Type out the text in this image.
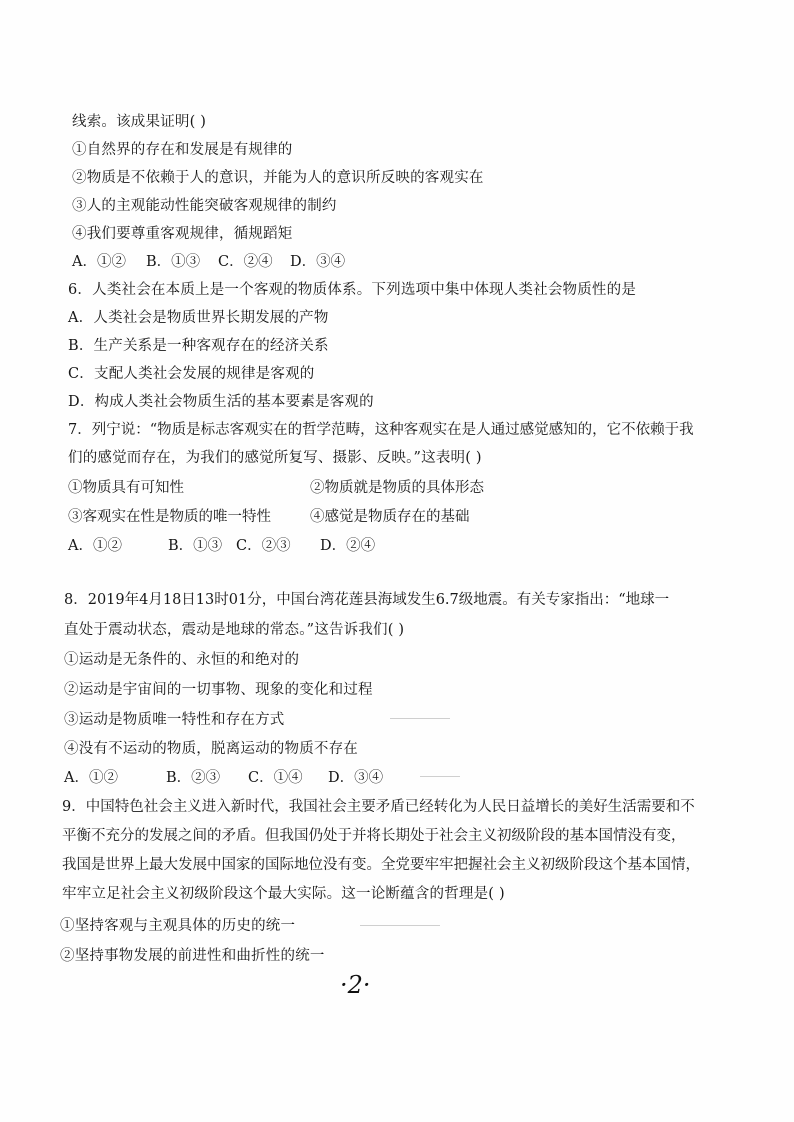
线索。该成果证明( )
①自然界的存在和发展是有规律的
②物质是不依赖于人的意识，并能为人的意识所反映的客观实在
③人的主观能动性能突破客观规律的制约
④我们要尊重客观规律，循规蹈矩
A．①② B．①③ C．②④ D．③④
6．人类社会在本质上是一个客观的物质体系。下列选项中集中体现人类社会物质性的是
A．人类社会是物质世界长期发展的产物
B．生产关系是一种客观存在的经济关系
C．支配人类社会发展的规律是客观的
D．构成人类社会物质生活的基本要素是客观的
7．列宁说：“物质是标志客观实在的哲学范畴，这种客观实在是人通过感觉感知的，它不依赖于我
们的感觉而存在，为我们的感觉所复写、摄影、反映。”这表明( )
①物质具有可知性	②物质就是物质的具体形态
③客观实在性是物质的唯一特性	④感觉是物质存在的基础
A．①②	B．①③ C．②③ D．②④
8．2019年4月18日13时01分，中国台湾花莲县海域发生6.7级地震。有关专家指出：“地球一
直处于震动状态，震动是地球的常态。”这告诉我们( )
①运动是无条件的、永恒的和绝对的
②运动是宇宙间的一切事物、现象的变化和过程
③运动是物质唯一特性和存在方式
④没有不运动的物质，脱离运动的物质不存在
A．①②	B．②③ C．①④ D．③④
9．中国特色社会主义进入新时代，我国社会主要矛盾已经转化为人民日益增长的美好生活需要和不
平衡不充分的发展之间的矛盾。但我国仍处于并将长期处于社会主义初级阶段的基本国情没有变，
我国是世界上最大发展中国家的国际地位没有变。全党要牢牢把握社会主义初级阶段这个基本国情，
牢牢立足社会主义初级阶段这个最大实际。这一论断蕴含的哲理是( )
①坚持客观与主观具体的历史的统一
②坚持事物发展的前进性和曲折性的统一
·2·
